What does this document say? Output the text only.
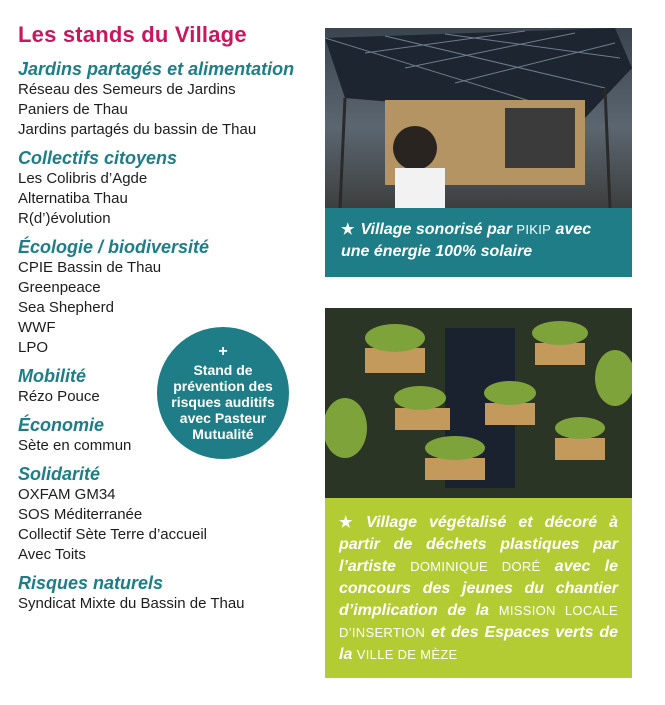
Les stands du Village
Jardins partagés et alimentation
Réseau des Semeurs de Jardins
Paniers de Thau
Jardins partagés du bassin de Thau
Collectifs citoyens
Les Colibris d’Agde
Alternatiba Thau
R(d’)évolution
Écologie / biodiversité
CPIE Bassin de Thau
Greenpeace
Sea Shepherd
WWF
LPO
Mobilité
Rézo Pouce
Économie
Sète en commun
Solidarité
OXFAM GM34
SOS Méditerranée
Collectif Sète Terre d’accueil
Avec Toits
Risques naturels
Syndicat Mixte du Bassin de Thau
+
Stand de prévention des risques auditifs avec Pasteur Mutualité
★ Village sonorisé par PIKIP avec une énergie 100% solaire
★ Village végétalisé et décoré à partir de déchets plastiques par l’artiste DOMINIQUE DORÉ avec le concours des jeunes du chantier d’implication de la MISSION LOCALE D’INSERTION et des Espaces verts de la VILLE DE MÈZE
